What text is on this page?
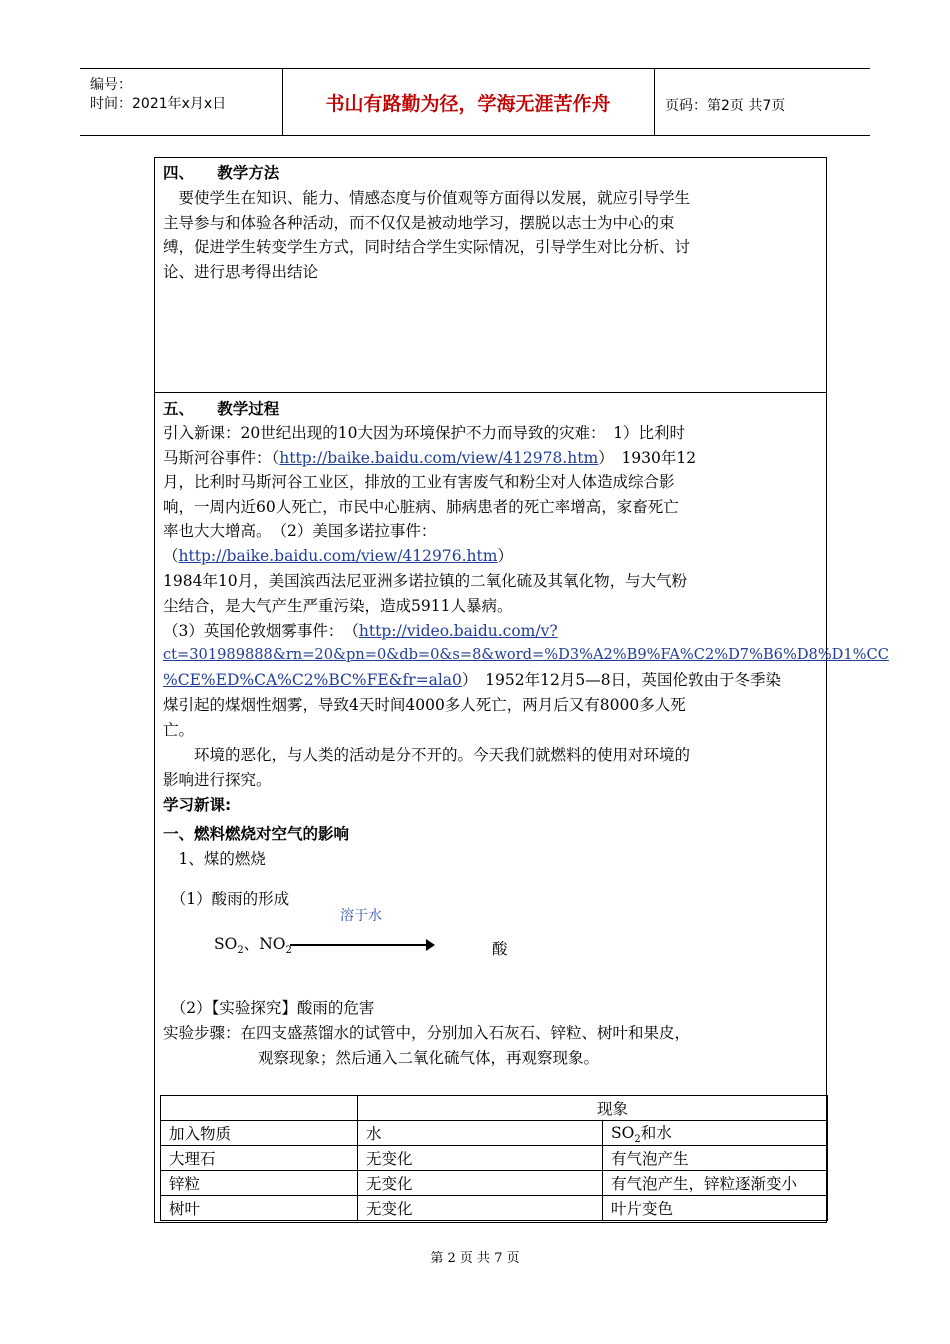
编号：
时间：2021年x月x日	书山有路勤为径，学海无涯苦作舟	页码：第2页 共7页
四、　　教学方法
　要使学生在知识、能力、情感态度与价值观等方面得以发展，就应引导学生
主导参与和体验各种活动，而不仅仅是被动地学习，摆脱以志士为中心的束
缚，促进学生转变学生方式，同时结合学生实际情况，引导学生对比分析、讨
论、进行思考得出结论
五、　　教学过程
引入新课：20世纪出现的10大因为环境保护不力而导致的灾难：　1）比利时
马斯河谷事件：（http://baike.baidu.com/view/412978.htm）　1930年12
月，比利时马斯河谷工业区，排放的工业有害废气和粉尘对人体造成综合影
响，一周内近60人死亡，市民中心脏病、肺病患者的死亡率增高，家畜死亡
率也大大增高。　（2）美国多诺拉事件：
（http://baike.baidu.com/view/412976.htm）
1984年10月，美国滨西法尼亚洲多诺拉镇的二氧化硫及其氧化物，与大气粉
尘结合，是大气产生严重污染，造成5911人暴病。
（3）英国伦敦烟雾事件：　（http://video.baidu.com/v?
ct=301989888&rn=20&pn=0&db=0&s=8&word=%D3%A2%B9%FA%C2%D7%B6%D8%D1%CC
%CE%ED%CA%C2%BC%FE&fr=ala0）　1952年12月5—8日，英国伦敦由于冬季染
煤引起的煤烟性烟雾，导致4天时间4000多人死亡，两月后又有8000多人死
亡。
　　环境的恶化，与人类的活动是分不开的。今天我们就燃料的使用对环境的
影响进行探究。
学习新课:
一、燃料燃烧对空气的影响
　1、煤的燃烧
　（1）酸雨的形成
溶于水
$SO_2$、$NO_2$	酸
　（2）【实验探究】酸雨的危害
实验步骤：在四支盛蒸馏水的试管中，分别加入石灰石、锌粒、树叶和果皮，
观察现象；然后通入二氧化硫气体，再观察现象。
	现象	
加入物质	水	$SO_2$和水
大理石	无变化	有气泡产生
锌粒	无变化	有气泡产生，锌粒逐渐变小
树叶	无变化	叶片变色
第 2 页 共 7 页
